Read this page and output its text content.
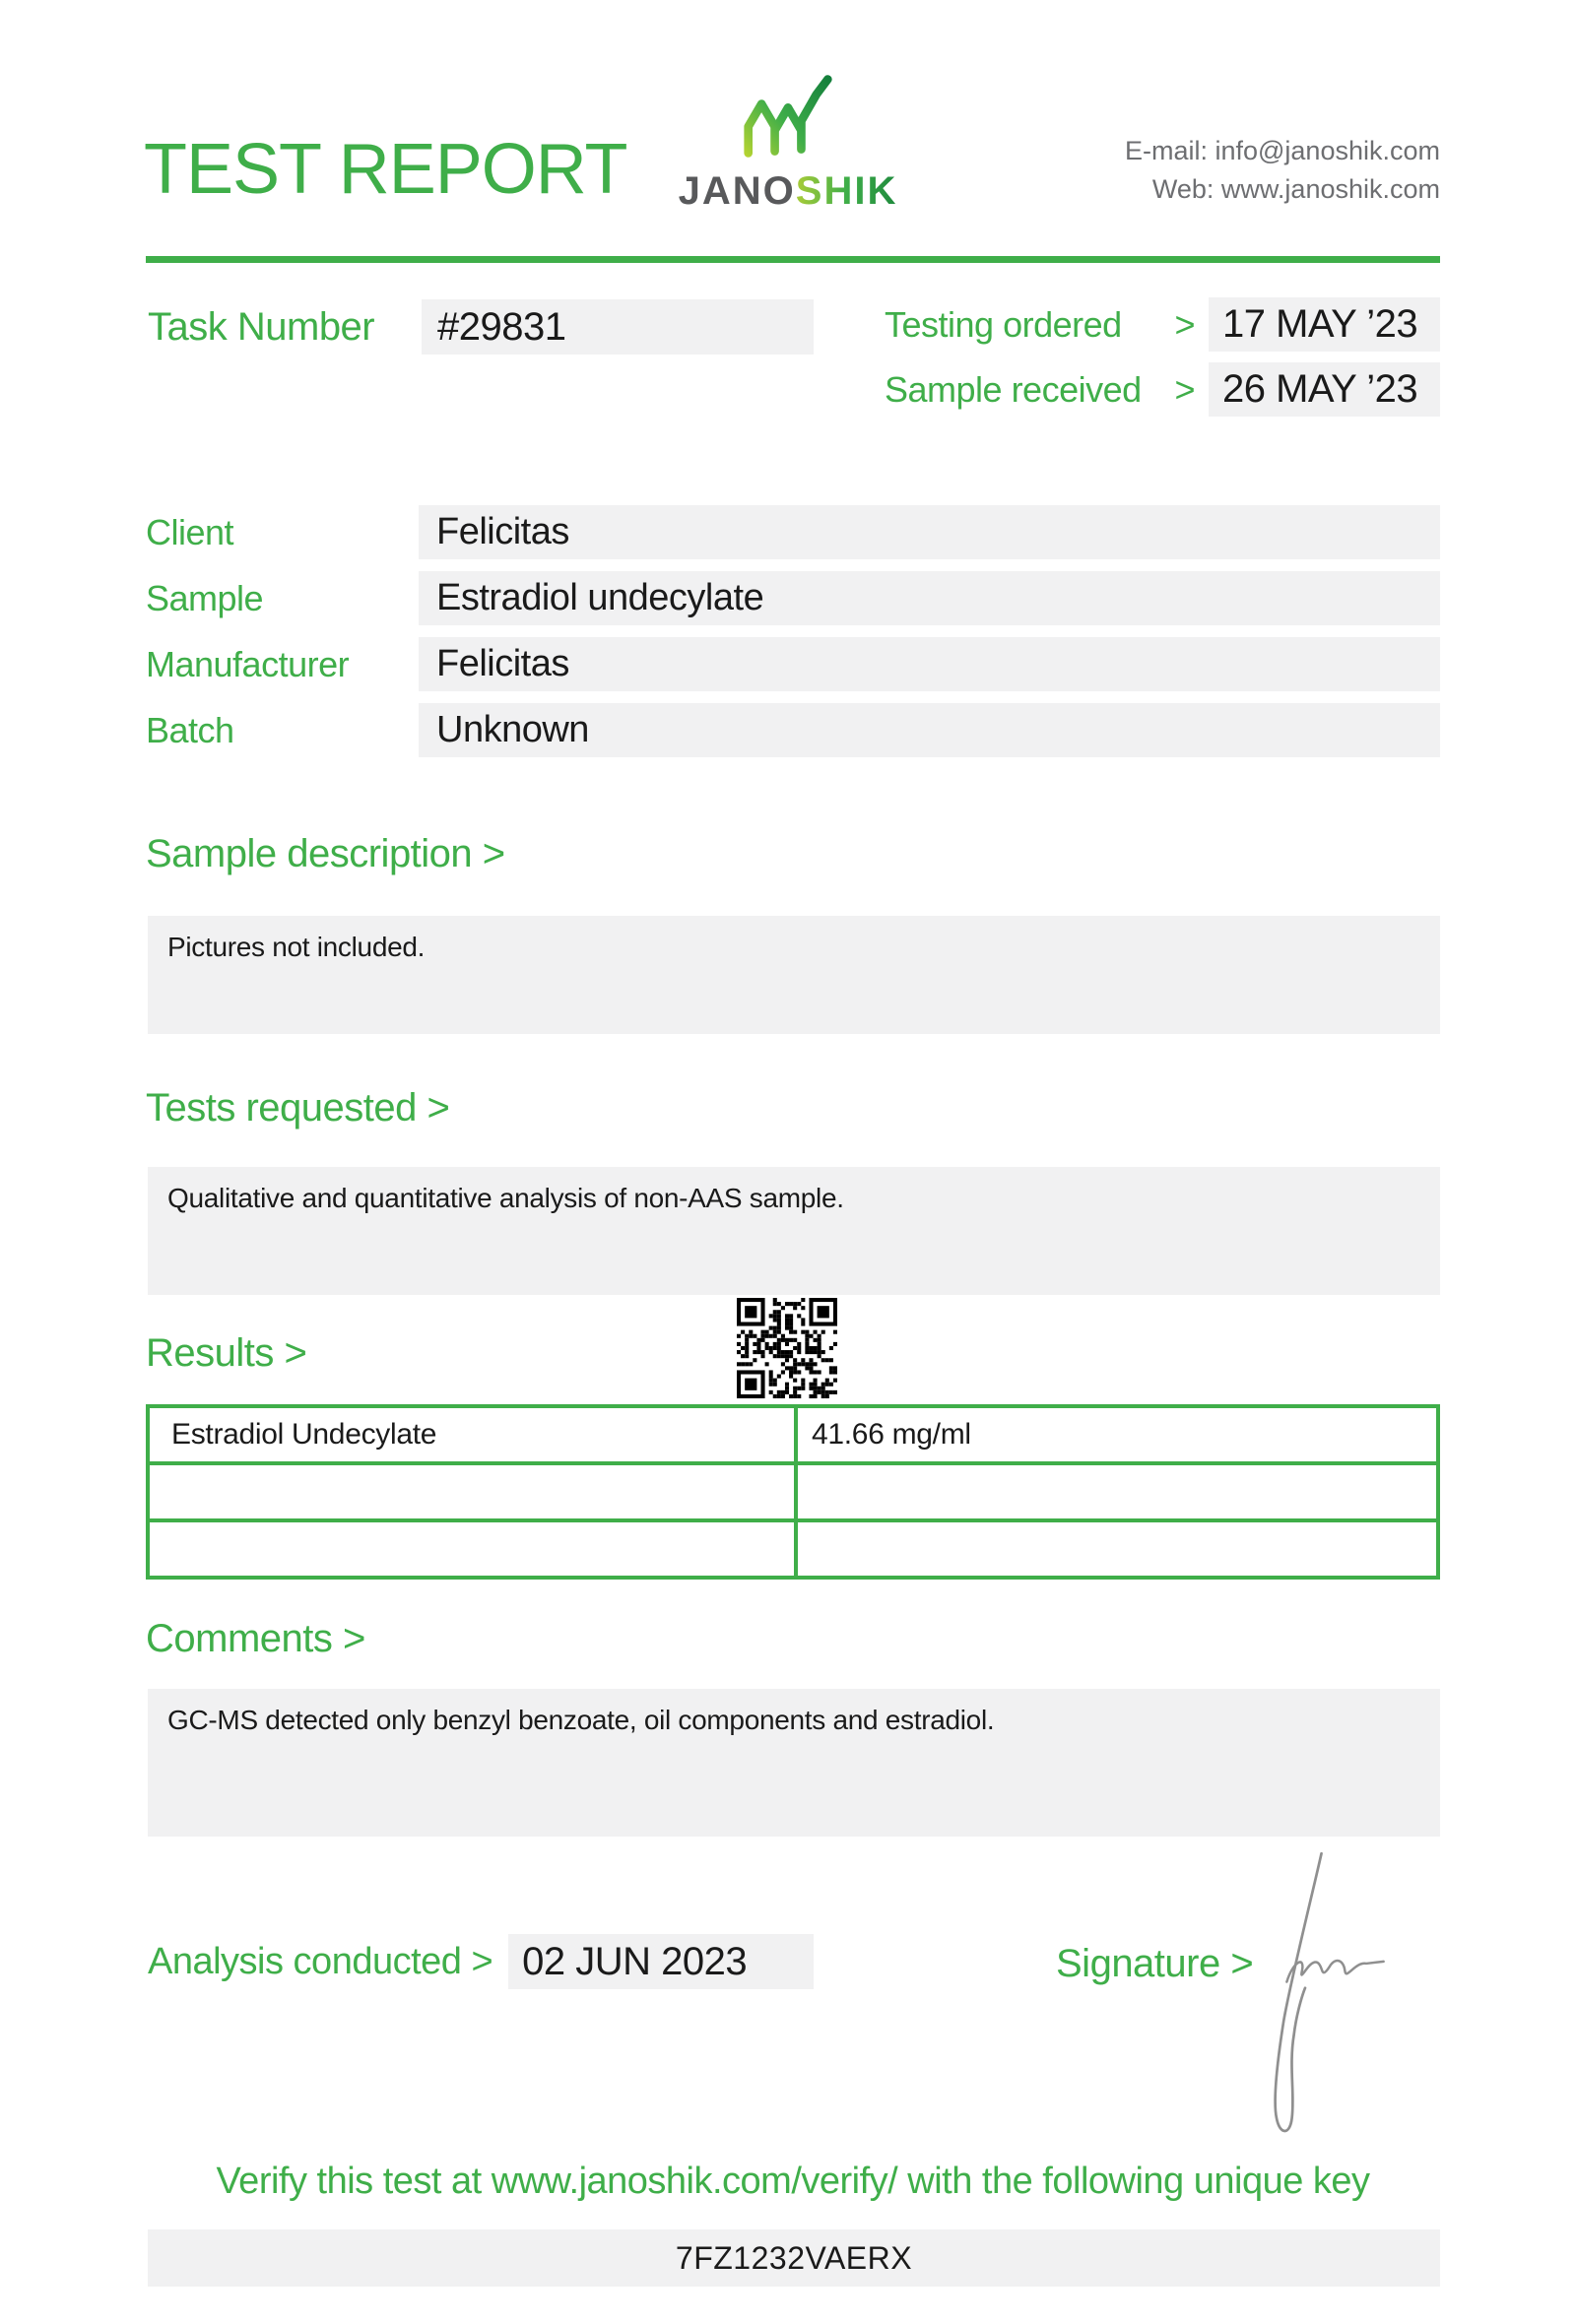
TEST REPORT JANOSHIK
E-mail: info@janoshik.com
Web: www.janoshik.com
Task Number	#29831	Testing ordered > 17 MAY ’23
Sample received > 26 MAY ’23
Client	Felicitas
Sample	Estradiol undecylate
Manufacturer	Felicitas
Batch	Unknown
Sample description >
Pictures not included.
Tests requested >
Qualitative and quantitative analysis of non-AAS sample.
Results >
Estradiol Undecylate	41.66 mg/ml
Comments >
GC-MS detected only benzyl benzoate, oil components and estradiol.
Analysis conducted > 02 JUN 2023	Signature >
Verify this test at www.janoshik.com/verify/ with the following unique key
7FZ1232VAERX
